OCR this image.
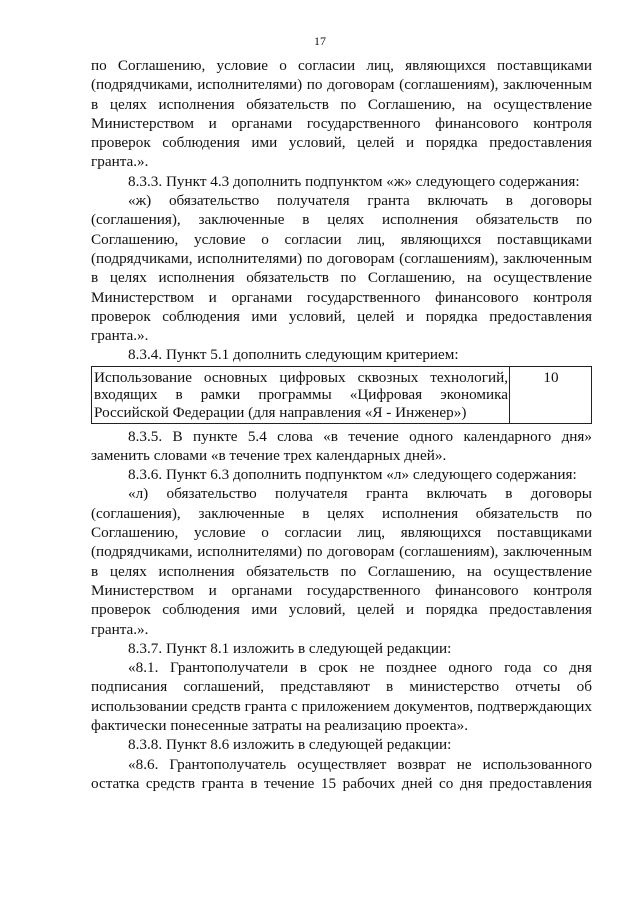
17

по Соглашению, условие о согласии лиц, являющихся поставщиками (подрядчиками, исполнителями) по договорам (соглашениям), заключенным в целях исполнения обязательств по Соглашению, на осуществление Министерством и органами государственного финансового контроля проверок соблюдения ими условий, целей и порядка предоставления гранта.».

8.3.3. Пункт 4.3 дополнить подпунктом «ж» следующего содержания:

«ж) обязательство получателя гранта включать в договоры (соглашения), заключенные в целях исполнения обязательств по Соглашению, условие о согласии лиц, являющихся поставщиками (подрядчиками, исполнителями) по договорам (соглашениям), заключенным в целях исполнения обязательств по Соглашению, на осуществление Министерством и органами государственного финансового контроля проверок соблюдения ими условий, целей и порядка предоставления гранта.».

8.3.4. Пункт 5.1 дополнить следующим критерием:

Использование основных цифровых сквозных технологий, входящих в рамки программы «Цифровая экономика Российской Федерации (для направления «Я - Инженер»)	10

8.3.5. В пункте 5.4 слова «в течение одного календарного дня» заменить словами «в течение трех календарных дней».

8.3.6. Пункт 6.3 дополнить подпунктом «л» следующего содержания:

«л) обязательство получателя гранта включать в договоры (соглашения), заключенные в целях исполнения обязательств по Соглашению, условие о согласии лиц, являющихся поставщиками (подрядчиками, исполнителями) по договорам (соглашениям), заключенным в целях исполнения обязательств по Соглашению, на осуществление Министерством и органами государственного финансового контроля проверок соблюдения ими условий, целей и порядка предоставления гранта.».

8.3.7. Пункт 8.1 изложить в следующей редакции:

«8.1. Грантополучатели в срок не позднее одного года со дня подписания соглашений, представляют в министерство отчеты об использовании средств гранта с приложением документов, подтверждающих фактически понесенные затраты на реализацию проекта».

8.3.8. Пункт 8.6 изложить в следующей редакции:

«8.6. Грантополучатель осуществляет возврат не использованного остатка средств гранта в течение 15 рабочих дней со дня предоставления
